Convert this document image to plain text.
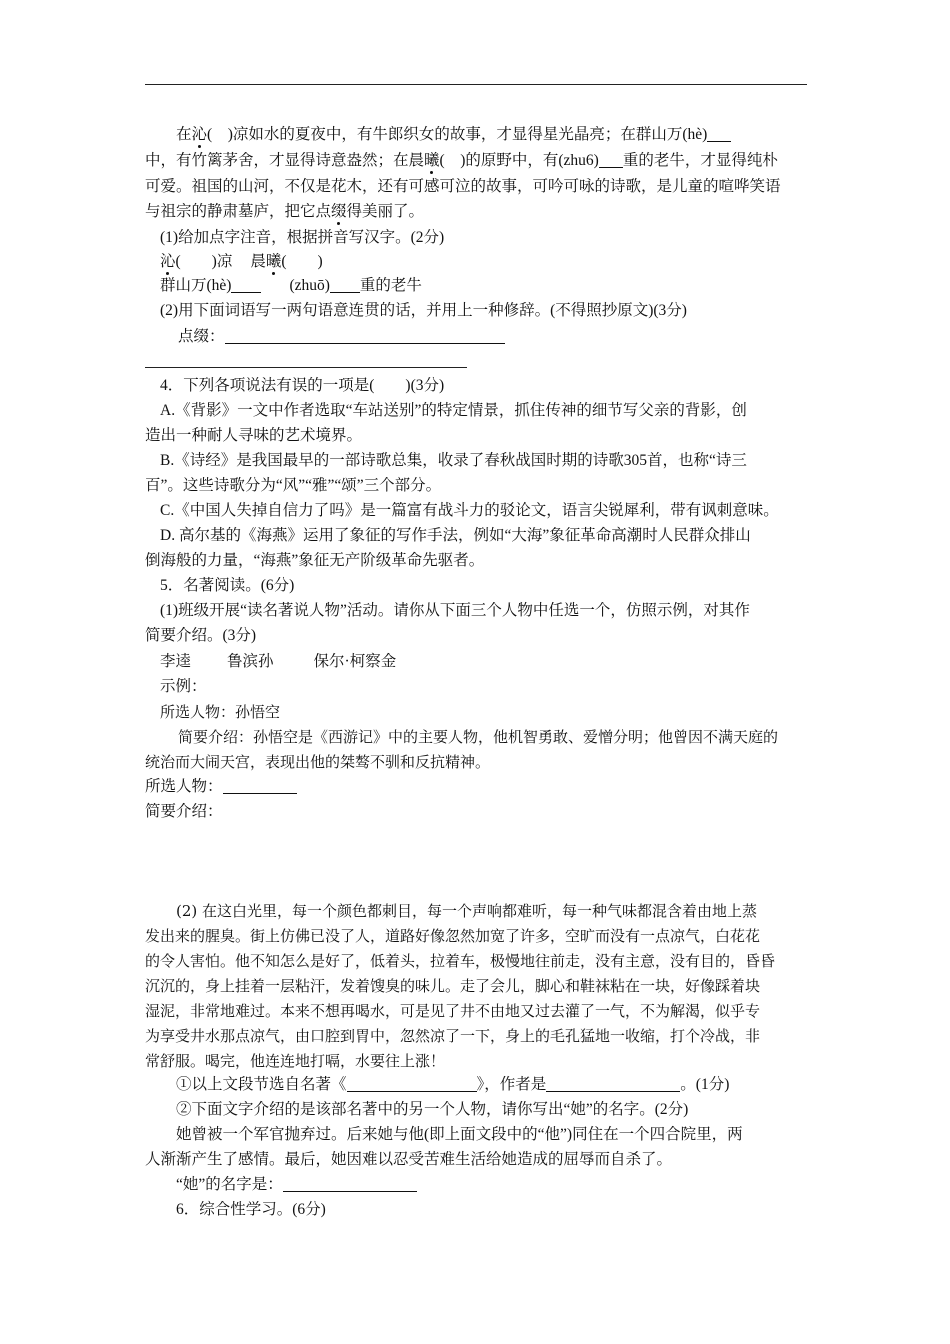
在沁(　)凉如水的夏夜中，有牛郎织女的故事，才显得星光晶亮；在群山万(hè)
中，有竹篱茅舍，才显得诗意盎然；在晨曦(　)的原野中，有(zhu6) 重的老牛，才显得纯朴
可爱。祖国的山河，不仅是花木，还有可感可泣的故事，可吟可咏的诗歌，是儿童的喧哗笑语
与祖宗的静肃墓庐，把它点缀得美丽了。
(1)给加点字注音，根据拼音写汉字。(2分)
沁(　　)凉 晨曦(　　)
群山万(hè)	(zhuō) 重的老牛
(2)用下面词语写一两句语意连贯的话，并用上一种修辞。(不得照抄原文)(3分)
点缀：
4．下列各项说法有误的一项是(　　)(3分)
A.《背影》一文中作者选取“车站送别”的特定情景，抓住传神的细节写父亲的背影，创
造出一种耐人寻味的艺术境界。
B.《诗经》是我国最早的一部诗歌总集，收录了春秋战国时期的诗歌305首，也称“诗三
百”。这些诗歌分为“风”“雅”“颂”三个部分。
C.《中国人失掉自信力了吗》是一篇富有战斗力的驳论文，语言尖锐犀利，带有讽刺意味。
D. 高尔基的《海燕》运用了象征的写作手法，例如“大海”象征革命高潮时人民群众排山
倒海般的力量，“海燕”象征无产阶级革命先驱者。
5．名著阅读。(6分)
(1)班级开展“读名著说人物”活动。请你从下面三个人物中任选一个，仿照示例，对其作
简要介绍。(3分)
李逵 鲁滨孙	保尔·柯察金
示例：
所选人物：孙悟空
简要介绍：孙悟空是《西游记》中的主要人物，他机智勇敢、爱憎分明；他曾因不满天庭的
统治而大闹天宫，表现出他的桀骜不驯和反抗精神。
所选人物：
简要介绍：
(2) 在这白光里，每一个颜色都刺目，每一个声响都难听，每一种气味都混含着由地上蒸
发出来的腥臭。街上仿佛已没了人，道路好像忽然加宽了许多，空旷而没有一点凉气，白花花
的令人害怕。他不知怎么是好了，低着头，拉着车，极慢地往前走，没有主意，没有目的，昏昏
沉沉的，身上挂着一层粘汗，发着馊臭的味儿。走了会儿，脚心和鞋袜粘在一块，好像踩着块
湿泥，非常地难过。本来不想再喝水，可是见了井不由地又过去灌了一气，不为解渴，似乎专
为享受井水那点凉气，由口腔到胃中，忽然凉了一下，身上的毛孔猛地一收缩，打个冷战，非
常舒服。喝完，他连连地打嗝，水要往上涨！
①以上文段节选自名著《	》，作者是	。(1分)
②下面文字介绍的是该部名著中的另一个人物，请你写出“她”的名字。(2分)
她曾被一个军官抛弃过。后来她与他(即上面文段中的“他”)同住在一个四合院里，两
人渐渐产生了感情。最后，她因难以忍受苦难生活给她造成的屈辱而自杀了。
“她”的名字是：
6．综合性学习。(6分)
